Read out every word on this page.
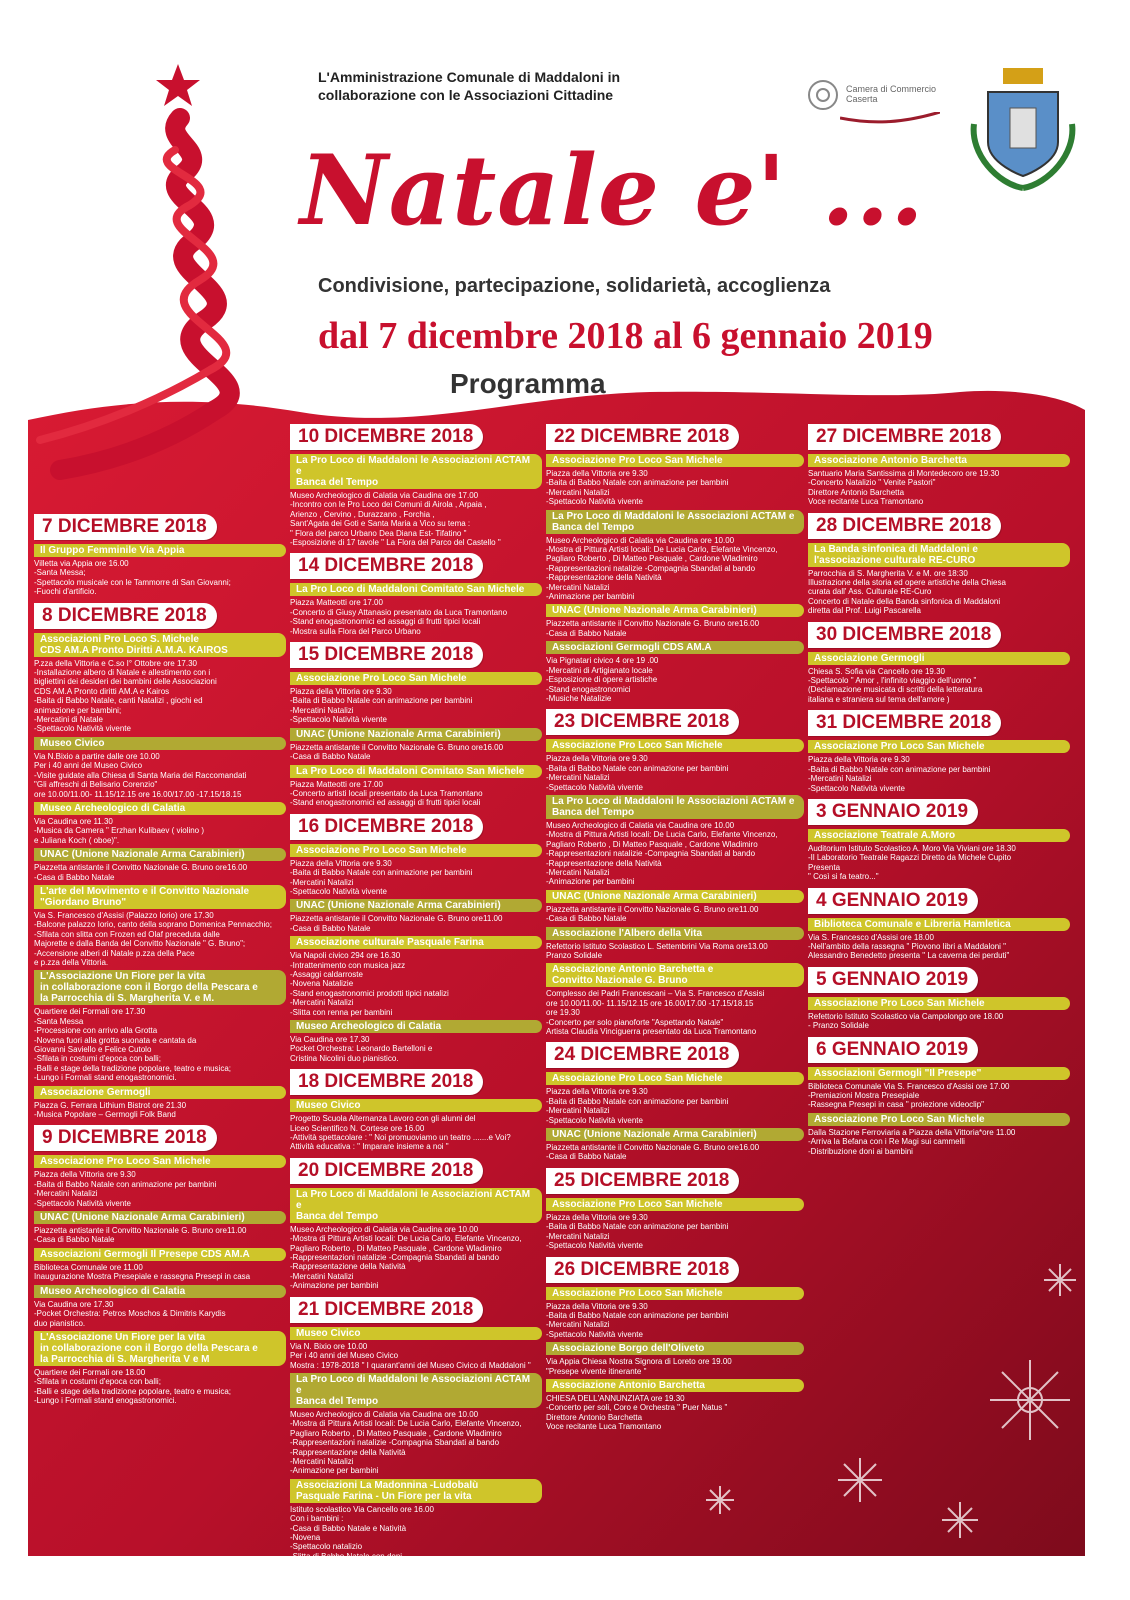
L'Amministrazione Comunale di Maddaloni in
collaborazione con le Associazioni Cittadine	Camera di Commercio
Caserta
Natale e' ...
Condivisione, partecipazione, solidarietà, accoglienza
dal 7 dicembre 2018 al 6 gennaio 2019
Programma
7 DICEMBRE 2018
Il Gruppo Femminile Via Appia
Villetta via Appia ore 16.00
-Santa Messa;
-Spettacolo musicale con le Tammorre di San Giovanni;
-Fuochi d'artificio.
8 DICEMBRE 2018
Associazioni Pro Loco S. Michele
CDS AM.A Pronto Diritti A.M.A. KAIROS
P.zza della Vittoria e C.so I° Ottobre ore 17.30
-Installazione albero di Natale e allestimento con i
bigliettini dei desideri dei bambini delle Associazioni
CDS AM.A Pronto diritti AM.A e Kairos
-Baita di Babbo Natale, canti Natalizi , giochi ed
animazione per bambini;
-Mercatini di Natale
-Spettacolo Natività vivente
Museo Civico
Via N.Bixio a partire dalle ore 10.00
Per i 40 anni del Museo Civico
-Visite guidate alla Chiesa di Santa Maria dei Raccomandati
"Gli affreschi di Belisario Corenzio"
ore 10.00/11.00- 11.15/12.15 ore 16.00/17.00 -17.15/18.15
Museo Archeologico di Calatia
Via Caudina ore 11.30
-Musica da Camera " Erzhan Kulibaev ( violino )
e Juliana Koch ( oboe)".
UNAC (Unione Nazionale Arma Carabinieri)
Piazzetta antistante il Convitto Nazionale G. Bruno ore16.00
-Casa di Babbo Natale
L'arte del Movimento e il Convitto Nazionale
"Giordano Bruno"
Via S. Francesco d'Assisi (Palazzo Iorio) ore 17.30
-Balcone palazzo Iorio, canto della soprano Domenica Pennacchio;
-Sfilata con slitta con Frozen ed Olaf preceduta dalle
Majorette e dalla Banda del Convitto Nazionale " G. Bruno";
-Accensione alberi di Natale p.zza della Pace
e p.zza della Vittoria.
L'Associazione Un Fiore per la vita
in collaborazione con il Borgo della Pescara e
la Parrocchia di S. Margherita V. e M.
Quartiere dei Formali ore 17.30
-Santa Messa
-Processione con arrivo alla Grotta
-Novena fuori alla grotta suonata e cantata da
Giovanni Saviello e Felice Cutolo
-Sfilata in costumi d'epoca con balli;
-Balli e stage della tradizione popolare, teatro e musica;
-Lungo i Formali stand enogastronomici.
Associazione Germogli
Piazza G. Ferrara Lithium Bistrot ore 21.30
-Musica Popolare – Germogli Folk Band
9 DICEMBRE 2018
Associazione Pro Loco San Michele
Piazza della Vittoria ore 9.30
-Baita di Babbo Natale con animazione per bambini
-Mercatini Natalizi
-Spettacolo Natività vivente
UNAC (Unione Nazionale Arma Carabinieri)
Piazzetta antistante il Convitto Nazionale G. Bruno ore11.00
-Casa di Babbo Natale
Associazioni Germogli Il Presepe CDS AM.A
Biblioteca Comunale ore 11.00
Inaugurazione Mostra Presepiale e rassegna Presepi in casa
Museo Archeologico di Calatia
Via Caudina ore 17.30
-Pocket Orchestra: Petros Moschos & Dimitris Karydis
duo pianistico.
L'Associazione Un Fiore per la vita
in collaborazione con il Borgo della Pescara e
la Parrocchia di S. Margherita V e M
Quartiere dei Formali ore 18.00
-Sfilata in costumi d'epoca con balli;
-Balli e stage della tradizione popolare, teatro e musica;
-Lungo i Formali stand enogastronomici.
10 DICEMBRE 2018
La Pro Loco di Maddaloni le Associazioni ACTAM e
Banca del Tempo
Museo Archeologico di Calatia via Caudina ore 17.00
-Incontro con le Pro Loco dei Comuni di Airola , Arpaia ,
Arienzo , Cervino , Durazzano , Forchia ,
Sant'Agata dei Goti e Santa Maria a Vico su tema :
" Flora del parco Urbano Dea Diana Est- Tifatino "
-Esposizione di 17 tavole " La Flora del Parco del Castello "
14 DICEMBRE 2018
La Pro Loco di Maddaloni Comitato San Michele
Piazza Matteotti ore 17.00
-Concerto di Giusy Attanasio presentato da Luca Tramontano
-Stand enogastronomici ed assaggi di frutti tipici locali
-Mostra sulla Flora del Parco Urbano
15 DICEMBRE 2018
Associazione Pro Loco San Michele
Piazza della Vittoria ore 9.30
-Baita di Babbo Natale con animazione per bambini
-Mercatini Natalizi
-Spettacolo Natività vivente
UNAC (Unione Nazionale Arma Carabinieri)
Piazzetta antistante il Convitto Nazionale G. Bruno ore16.00
-Casa di Babbo Natale
La Pro Loco di Maddaloni Comitato San Michele
Piazza Matteotti ore 17.00
-Concerto artisti locali presentato da Luca Tramontano
-Stand enogastronomici ed assaggi di frutti tipici locali
16 DICEMBRE 2018
Associazione Pro Loco San Michele
Piazza della Vittoria ore 9.30
-Baita di Babbo Natale con animazione per bambini
-Mercatini Natalizi
-Spettacolo Natività vivente
UNAC (Unione Nazionale Arma Carabinieri)
Piazzetta antistante il Convitto Nazionale G. Bruno ore11.00
-Casa di Babbo Natale
Associazione culturale Pasquale Farina
Via Napoli civico 294 ore 16.30
-Intrattenimento con musica jazz
-Assaggi caldarroste
-Novena Natalizie
-Stand enogastronomici prodotti tipici natalizi
-Mercatini Natalizi
-Slitta con renna per bambini
Museo Archeologico di Calatia
Via Caudina ore 17.30
Pocket Orchestra: Leonardo Bartelloni e
Cristina Nicolini duo pianistico.
18 DICEMBRE 2018
Museo Civico
Progetto Scuola Alternanza Lavoro con gli alunni del
Liceo Scientifico N. Cortese ore 16.00
-Attività spettacolare : " Noi promuoviamo un teatro .......e Voi?
Attività educativa : " Imparare insieme a noi "
20 DICEMBRE 2018
La Pro Loco di Maddaloni le Associazioni ACTAM e
Banca del Tempo
Museo Archeologico di Calatia via Caudina ore 10.00
-Mostra di Pittura Artisti locali: De Lucia Carlo, Elefante Vincenzo,
Pagliaro Roberto , Di Matteo Pasquale , Cardone Wladimiro
-Rappresentazioni natalizie -Compagnia Sbandati al bando
-Rappresentazione della Natività
-Mercatini Natalizi
-Animazione per bambini
21 DICEMBRE 2018
Museo Civico
Via N. Bixio ore 10.00
Per i 40 anni del Museo Civico
Mostra : 1978-2018 " I quarant'anni del Museo Civico di Maddaloni "
La Pro Loco di Maddaloni le Associazioni ACTAM e
Banca del Tempo
Museo Archeologico di Calatia via Caudina ore 10.00
-Mostra di Pittura Artisti locali: De Lucia Carlo, Elefante Vincenzo,
Pagliaro Roberto , Di Matteo Pasquale , Cardone Wladimiro
-Rappresentazioni natalizie -Compagnia Sbandati al bando
-Rappresentazione della Natività
-Mercatini Natalizi
-Animazione per bambini
Associazioni La Madonnina -Ludobalù
Pasquale Farina - Un Fiore per la vita
Istituto scolastico Via Cancello ore 16.00
Con i bambini :
-Casa di Babbo Natale e Natività
-Novena
-Spettacolo natalizio
-Slitta di Babbo Natale con doni
-Degustazioni di dolci natalizi
22 DICEMBRE 2018
Associazione Pro Loco San Michele
Piazza della Vittoria ore 9.30
-Baita di Babbo Natale con animazione per bambini
-Mercatini Natalizi
-Spettacolo Natività vivente
La Pro Loco di Maddaloni le Associazioni ACTAM e
Banca del Tempo
Museo Archeologico di Calatia via Caudina ore 10.00
-Mostra di Pittura Artisti locali: De Lucia Carlo, Elefante Vincenzo,
Pagliaro Roberto , Di Matteo Pasquale , Cardone Wladimiro
-Rappresentazioni natalizie -Compagnia Sbandati al bando
-Rappresentazione della Natività
-Mercatini Natalizi
-Animazione per bambini
UNAC (Unione Nazionale Arma Carabinieri)
Piazzetta antistante il Convitto Nazionale G. Bruno ore16.00
-Casa di Babbo Natale
Associazioni Germogli CDS AM.A
Via Pignatari civico 4 ore 19 .00
-Mercatini di Artigianato locale
-Esposizione di opere artistiche
-Stand enogastronomici
-Musiche Natalizie
23 DICEMBRE 2018
Associazione Pro Loco San Michele
Piazza della Vittoria ore 9.30
-Baita di Babbo Natale con animazione per bambini
-Mercatini Natalizi
-Spettacolo Natività vivente
La Pro Loco di Maddaloni le Associazioni ACTAM e
Banca del Tempo
Museo Archeologico di Calatia via Caudina ore 10.00
-Mostra di Pittura Artisti locali: De Lucia Carlo, Elefante Vincenzo,
Pagliaro Roberto , Di Matteo Pasquale , Cardone Wladimiro
-Rappresentazioni natalizie -Compagnia Sbandati al bando
-Rappresentazione della Natività
-Mercatini Natalizi
-Animazione per bambini
UNAC (Unione Nazionale Arma Carabinieri)
Piazzetta antistante il Convitto Nazionale G. Bruno ore11.00
-Casa di Babbo Natale
Associazione l'Albero della Vita
Refettorio Istituto Scolastico L. Settembrini Via Roma ore13.00
Pranzo Solidale
Associazione Antonio Barchetta e
Convitto Nazionale G. Bruno
Complesso dei Padri Francescani – Via S. Francesco d'Assisi
ore 10.00/11.00- 11.15/12.15 ore 16.00/17.00 -17.15/18.15
ore 19.30
-Concerto per solo pianoforte "Aspettando Natale"
Artista Claudia Vinciguerra presentato da Luca Tramontano
24 DICEMBRE 2018
Associazione Pro Loco San Michele
Piazza della Vittoria ore 9.30
-Baita di Babbo Natale con animazione per bambini
-Mercatini Natalizi
-Spettacolo Natività vivente
UNAC (Unione Nazionale Arma Carabinieri)
Piazzetta antistante il Convitto Nazionale G. Bruno ore16.00
-Casa di Babbo Natale
25 DICEMBRE 2018
Associazione Pro Loco San Michele
Piazza della Vittoria ore 9.30
-Baita di Babbo Natale con animazione per bambini
-Mercatini Natalizi
-Spettacolo Natività vivente
26 DICEMBRE 2018
Associazione Pro Loco San Michele
Piazza della Vittoria ore 9.30
-Baita di Babbo Natale con animazione per bambini
-Mercatini Natalizi
-Spettacolo Natività vivente
Associazione Borgo dell'Oliveto
Via Appia Chiesa Nostra Signora di Loreto ore 19.00
"Presepe vivente itinerante "
Associazione Antonio Barchetta
CHIESA DELL'ANNUNZIATA ore 19.30
-Concerto per soli, Coro e Orchestra " Puer Natus "
Direttore Antonio Barchetta
Voce recitante Luca Tramontano
27 DICEMBRE 2018
Associazione Antonio Barchetta
Santuario Maria Santissima di Montedecoro ore 19.30
-Concerto Natalizio " Venite Pastori"
Direttore Antonio Barchetta
Voce recitante Luca Tramontano
28 DICEMBRE 2018
La Banda sinfonica di Maddaloni e
l'associazione culturale RE-CURO
Parrocchia di S. Margherita V. e M. ore 18:30
Illustrazione della storia ed opere artistiche della Chiesa
curata dall' Ass. Culturale RE-Curo
Concerto di Natale della Banda sinfonica di Maddaloni
diretta dal Prof. Luigi Pascarella
30 DICEMBRE 2018
Associazione Germogli
Chiesa S. Sofia via Cancello ore 19.30
-Spettacolo " Amor , l'infinito viaggio dell'uomo "
(Declamazione musicata di scritti della letteratura
italiana e straniera sul tema dell'amore )
31 DICEMBRE 2018
Associazione Pro Loco San Michele
Piazza della Vittoria ore 9.30
-Baita di Babbo Natale con animazione per bambini
-Mercatini Natalizi
-Spettacolo Natività vivente
3 GENNAIO 2019
Associazione Teatrale A.Moro
Auditorium Istituto Scolastico A. Moro Via Viviani ore 18.30
-Il Laboratorio Teatrale Ragazzi Diretto da Michele Cupito
Presenta
" Così si fa teatro..."
4 GENNAIO 2019
Biblioteca Comunale e Libreria Hamletica
Via S. Francesco d'Assisi ore 18.00
-Nell'ambito della rassegna " Piovono libri a Maddaloni "
Alessandro Benedetto presenta " La caverna dei perduti"
5 GENNAIO 2019
Associazione Pro Loco San Michele
Refettorio Istituto Scolastico via Campolongo ore 18.00
- Pranzo Solidale
6 GENNAIO 2019
Associazioni Germogli "Il Presepe"
Biblioteca Comunale Via S. Francesco d'Assisi ore 17.00
-Premiazioni Mostra Presepiale
-Rassegna Presepi in casa " proiezione videoclip"
Associazione Pro Loco San Michele
Dalla Stazione Ferroviaria a Piazza della Vittoria*ore 11.00
-Arriva la Befana con i Re Magi sui cammelli
-Distribuzione doni ai bambini
